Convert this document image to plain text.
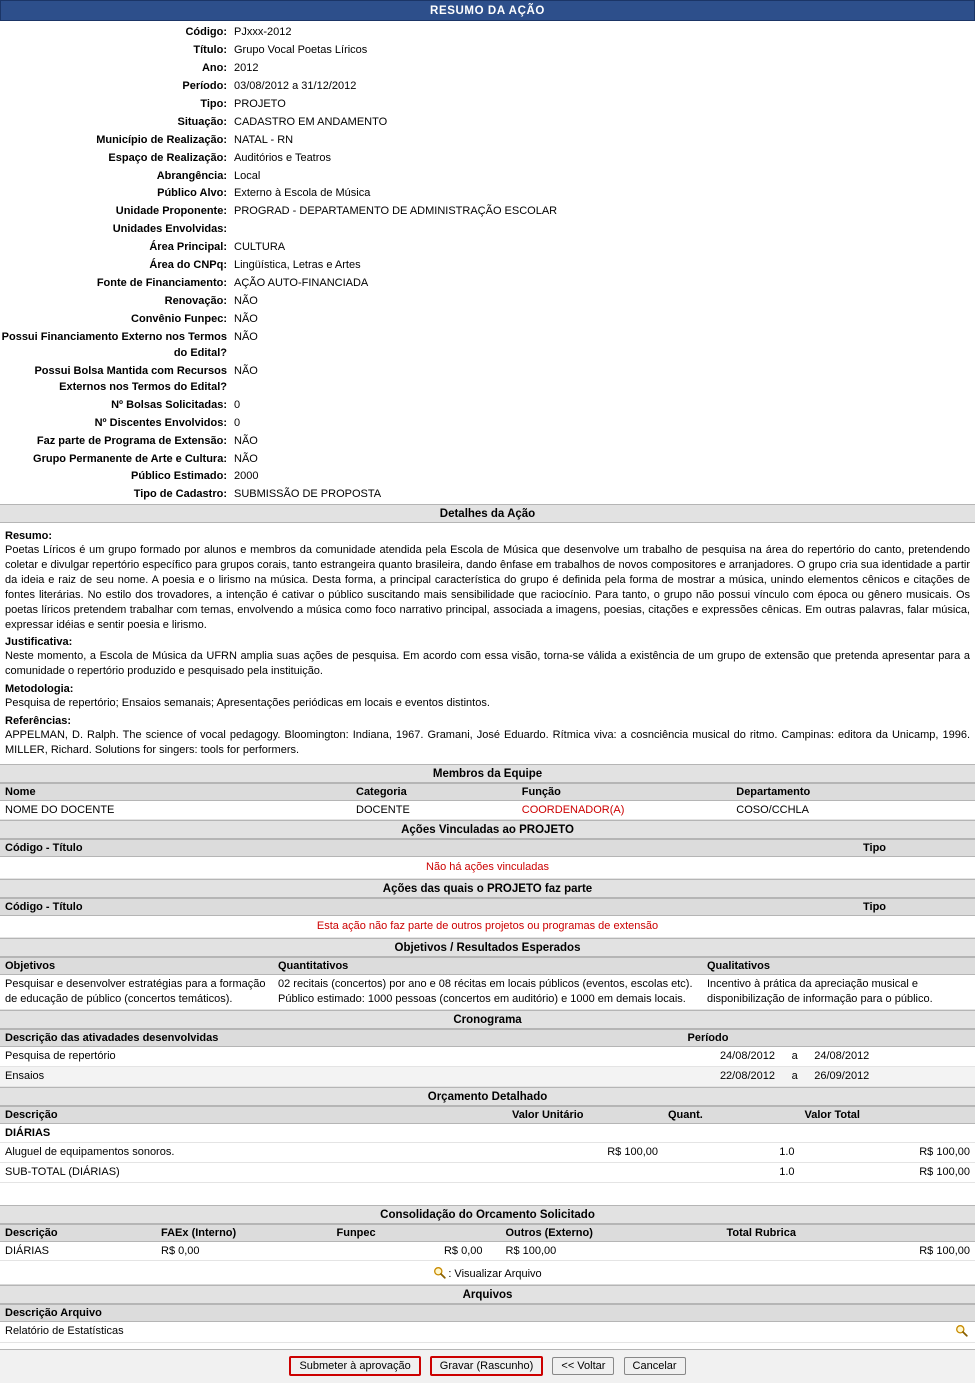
RESUMO DA AÇÃO
Código:	PJxxx-2012
Título:	Grupo Vocal Poetas Líricos
Ano:	2012
Período:	03/08/2012 a 31/12/2012
Tipo:	PROJETO
Situação:	CADASTRO EM ANDAMENTO
Município de Realização:	NATAL - RN
Espaço de Realização:	Auditórios e Teatros
Abrangência:	Local
Público Alvo:	Externo à Escola de Música
Unidade Proponente:	PROGRAD - DEPARTAMENTO DE ADMINISTRAÇÃO ESCOLAR
Unidades Envolvidas:	
Área Principal:	CULTURA
Área do CNPq:	Lingüística, Letras e Artes
Fonte de Financiamento:	AÇÃO AUTO-FINANCIADA
Renovação:	NÃO
Convênio Funpec:	NÃO
Possui Financiamento Externo nos Termos do Edital?	NÃO
Possui Bolsa Mantida com Recursos Externos nos Termos do Edital?	NÃO
Nº Bolsas Solicitadas:	0
Nº Discentes Envolvidos:	0
Faz parte de Programa de Extensão:	NÃO
Grupo Permanente de Arte e Cultura:	NÃO
Público Estimado:	2000
Tipo de Cadastro:	SUBMISSÃO DE PROPOSTA
Detalhes da Ação
Resumo:

Poetas Líricos é um grupo formado por alunos e membros da comunidade atendida pela Escola de Música que desenvolve um trabalho de pesquisa na área do repertório do canto, pretendendo coletar e divulgar repertório específico para grupos corais, tanto estrangeira quanto brasileira, dando ênfase em trabalhos de novos compositores e arranjadores. O grupo cria sua identidade a partir da ideia e raiz de seu nome. A poesia e o lirismo na música. Desta forma, a principal característica do grupo é definida pela forma de mostrar a música, unindo elementos cênicos e citações de fontes literárias. No estilo dos trovadores, a intenção é cativar o público suscitando mais sensibilidade que raciocínio. Para tanto, o grupo não possui vínculo com época ou gênero musicais. Os poetas líricos pretendem trabalhar com temas, envolvendo a música como foco narrativo principal, associada a imagens, poesias, citações e expressões cênicas. Em outras palavras, falar música, expressar idéias e sentir poesia e lirismo.

Justificativa:

Neste momento, a Escola de Música da UFRN amplia suas ações de pesquisa. Em acordo com essa visão, torna-se válida a existência de um grupo de extensão que pretenda apresentar para a comunidade o repertório produzido e pesquisado pela instituição.

Metodologia:

Pesquisa de repertório; Ensaios semanais; Apresentações periódicas em locais e eventos distintos.

Referências:

APPELMAN, D. Ralph. The science of vocal pedagogy. Bloomington: Indiana, 1967. Gramani, José Eduardo. Rítmica viva: a cosnciência musical do ritmo. Campinas: editora da Unicamp, 1996. MILLER, Richard. Solutions for singers: tools for performers.

Membros da Equipe
Nome	Categoria	Função	Departamento
NOME DO DOCENTE	DOCENTE	COORDENADOR(A)	COSO/CCHLA
Ações Vinculadas ao PROJETO
Código - Título	Tipo
Não há ações vinculadas
Ações das quais o PROJETO faz parte
Código - Título	Tipo
Esta ação não faz parte de outros projetos ou programas de extensão
Objetivos / Resultados Esperados
Objetivos	Quantitativos	Qualitativos
Pesquisar e desenvolver estratégias para a formação de educação de público (concertos temáticos).	02 recitais (concertos) por ano e 08 récitas em locais públicos (eventos, escolas etc). Público estimado: 1000 pessoas (concertos em auditório) e 1000 em demais locais.	Incentivo à prática da apreciação musical e disponibilização de informação para o público.
Cronograma
Descrição das ativadades desenvolvidas	Período		
Pesquisa de repertório	24/08/2012	a	24/08/2012
Ensaios	22/08/2012	a	26/09/2012
Orçamento Detalhado
Descrição	Valor Unitário	Quant.	Valor Total
DIÁRIAS			
Aluguel de equipamentos sonoros.	R$ 100,00	1.0	R$ 100,00
SUB-TOTAL (DIÁRIAS)		1.0	R$ 100,00

Consolidação do Orcamento Solicitado
Descrição	FAEx (Interno)	Funpec	Outros (Externo)	Total Rubrica
DIÁRIAS	R$ 0,00	R$ 0,00	R$ 100,00	R$ 100,00
: Visualizar Arquivo
Arquivos
Descrição Arquivo
Relatório de Estatísticas	
Submeter à aprovação	Gravar (Rascunho)	<< Voltar Cancelar
